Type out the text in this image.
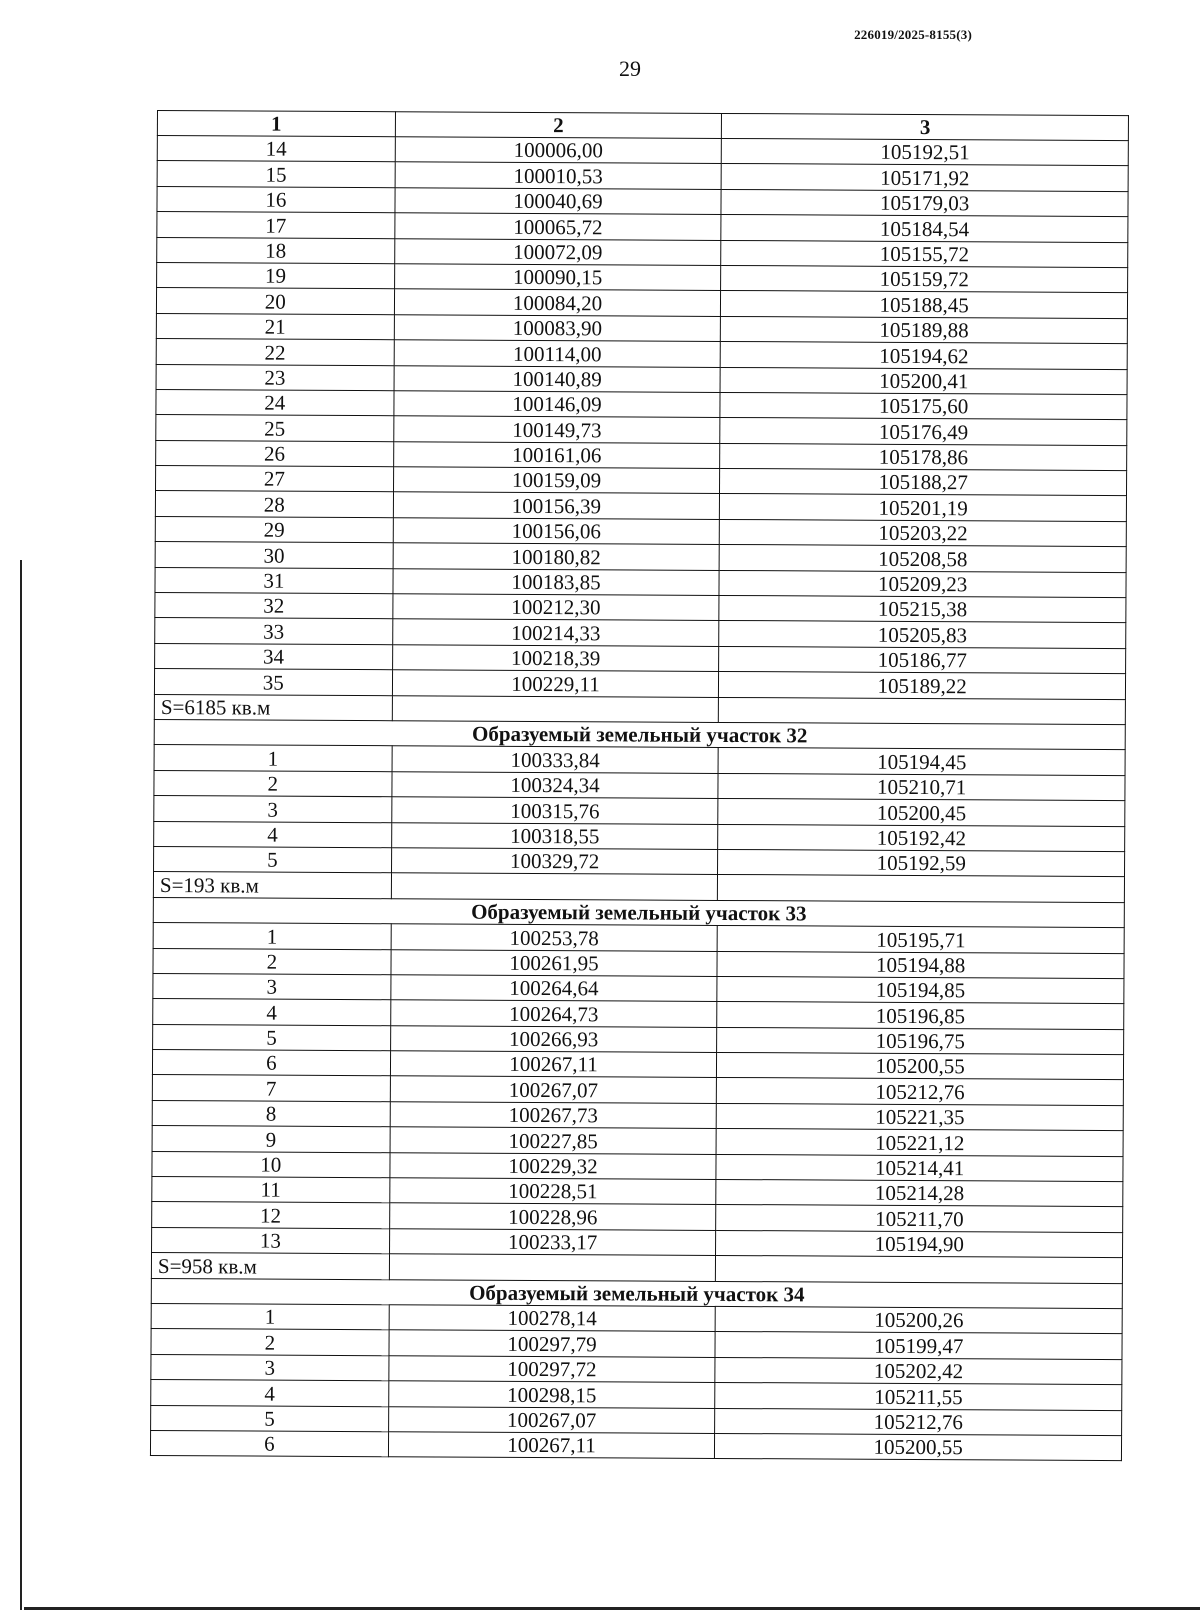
226019/2025-8155(3)
29
1	2	3
14	100006,00	105192,51
15	100010,53	105171,92
16	100040,69	105179,03
17	100065,72	105184,54
18	100072,09	105155,72
19	100090,15	105159,72
20	100084,20	105188,45
21	100083,90	105189,88
22	100114,00	105194,62
23	100140,89	105200,41
24	100146,09	105175,60
25	100149,73	105176,49
26	100161,06	105178,86
27	100159,09	105188,27
28	100156,39	105201,19
29	100156,06	105203,22
30	100180,82	105208,58
31	100183,85	105209,23
32	100212,30	105215,38
33	100214,33	105205,83
34	100218,39	105186,77
35	100229,11	105189,22
S=6185 кв.м		
Образуемый земельный участок 32		
1	100333,84	105194,45
2	100324,34	105210,71
3	100315,76	105200,45
4	100318,55	105192,42
5	100329,72	105192,59
S=193 кв.м		
Образуемый земельный участок 33		
1	100253,78	105195,71
2	100261,95	105194,88
3	100264,64	105194,85
4	100264,73	105196,85
5	100266,93	105196,75
6	100267,11	105200,55
7	100267,07	105212,76
8	100267,73	105221,35
9	100227,85	105221,12
10	100229,32	105214,41
11	100228,51	105214,28
12	100228,96	105211,70
13	100233,17	105194,90
S=958 кв.м		
Образуемый земельный участок 34		
1	100278,14	105200,26
2	100297,79	105199,47
3	100297,72	105202,42
4	100298,15	105211,55
5	100267,07	105212,76
6	100267,11	105200,55
